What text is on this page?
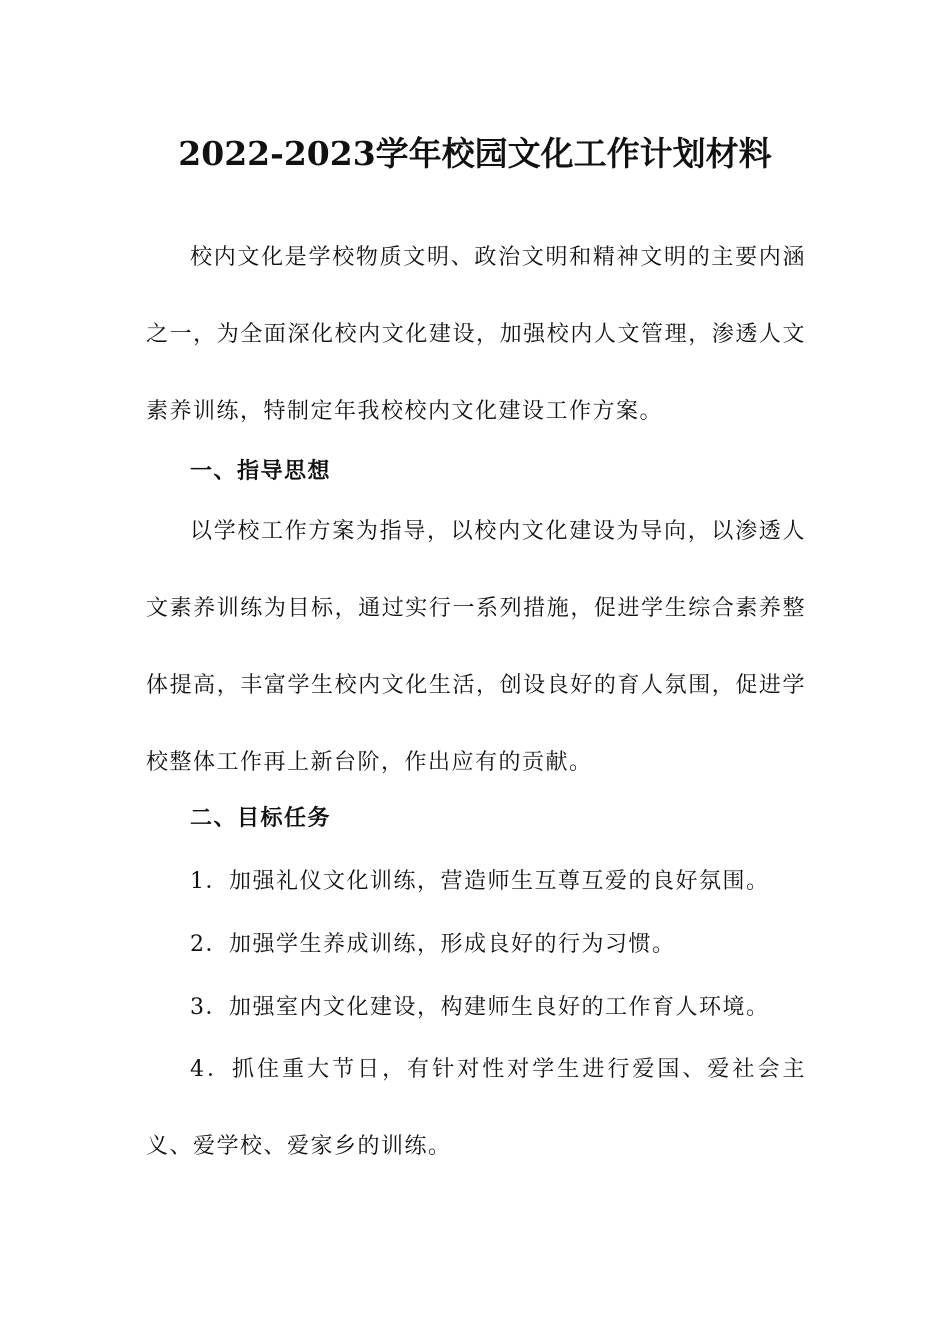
2022-2023学年校园文化工作计划材料
校内文化是学校物质文明、政治文明和精神文明的主要内涵之一，为全面深化校内文化建设，加强校内人文管理，渗透人文素养训练，特制定年我校校内文化建设工作方案。
一、指导思想
以学校工作方案为指导，以校内文化建设为导向，以渗透人文素养训练为目标，通过实行一系列措施，促进学生综合素养整体提高，丰富学生校内文化生活，创设良好的育人氛围，促进学校整体工作再上新台阶，作出应有的贡献。
二、目标任务
1．加强礼仪文化训练，营造师生互尊互爱的良好氛围。
2．加强学生养成训练，形成良好的行为习惯。
3．加强室内文化建设，构建师生良好的工作育人环境。
4．抓住重大节日，有针对性对学生进行爱国、爱社会主义、爱学校、爱家乡的训练。
